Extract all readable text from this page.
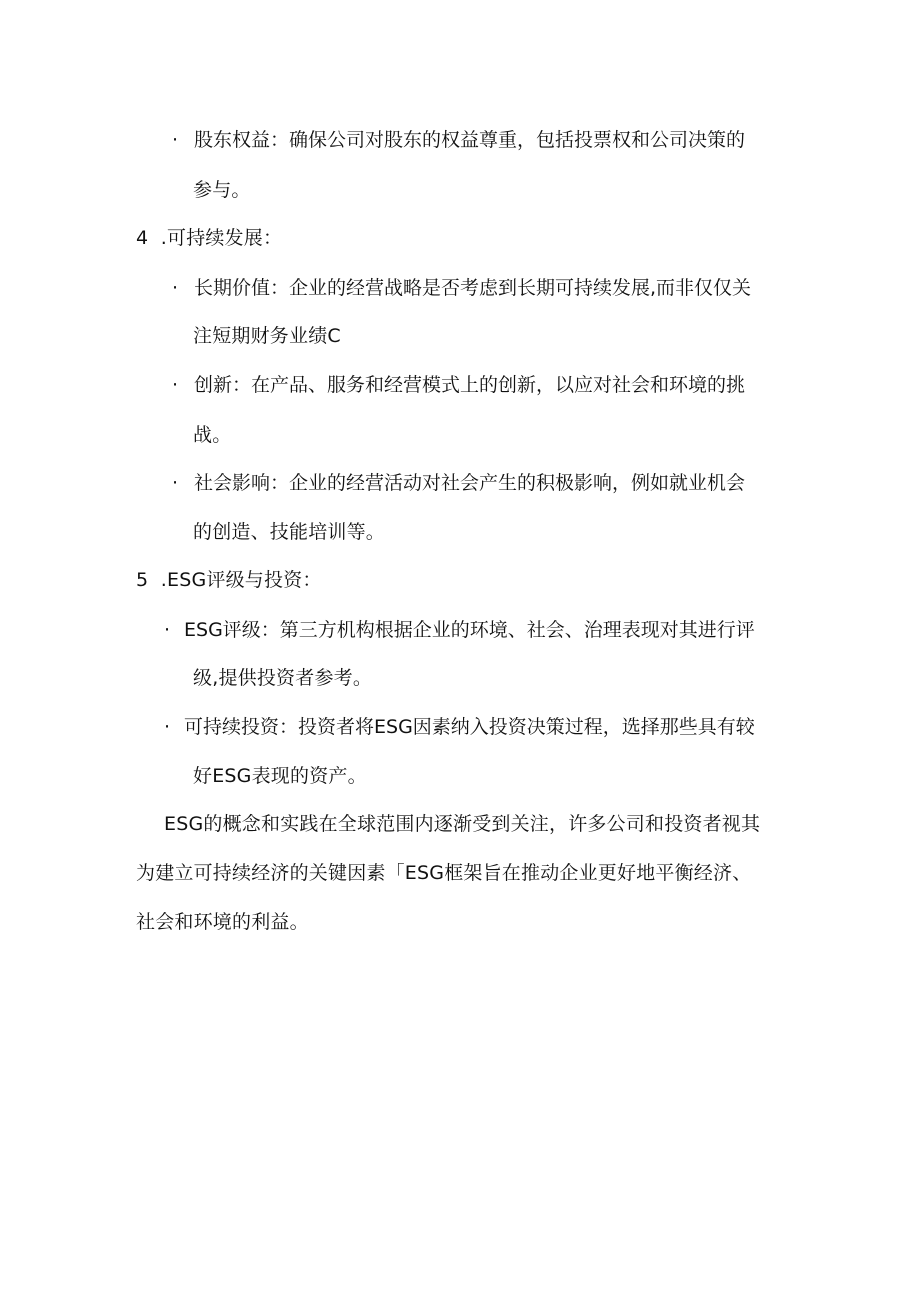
· 股东权益：确保公司对股东的权益尊重，包括投票权和公司决策的
参与。
4  .可持续发展：
· 长期价值：企业的经营战略是否考虑到长期可持续发展,而非仅仅关
注短期财务业绩C
· 创新：在产品、服务和经营模式上的创新，以应对社会和环境的挑
战。
· 社会影响：企业的经营活动对社会产生的积极影响，例如就业机会
的创造、技能培训等。
5  .ESG评级与投资：
· ESG评级：第三方机构根据企业的环境、社会、治理表现对其进行评
级,提供投资者参考。
· 可持续投资：投资者将ESG因素纳入投资决策过程，选择那些具有较
好ESG表现的资产。
ESG的概念和实践在全球范围内逐渐受到关注，许多公司和投资者视其
为建立可持续经济的关键因素「ESG框架旨在推动企业更好地平衡经济、
社会和环境的利益。
